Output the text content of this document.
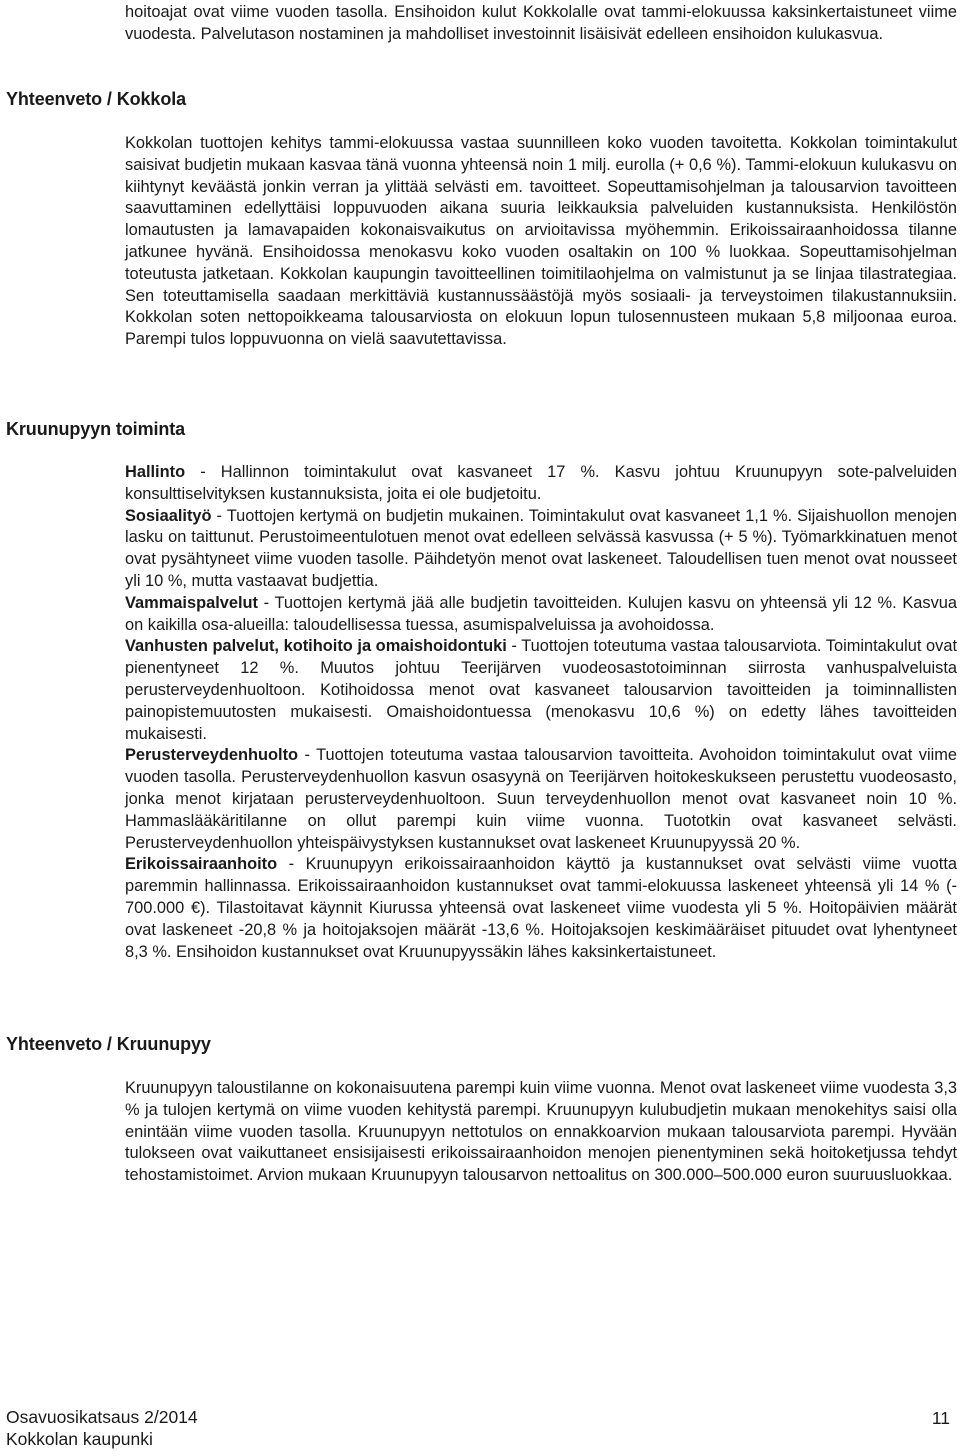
hoitoajat ovat viime vuoden tasolla. Ensihoidon kulut Kokkolalle ovat tammi-elokuussa kaksinkertaistuneet viime vuodesta. Palvelutason nostaminen ja mahdolliset investoinnit lisäisivät edelleen ensihoidon kulukasvua.
Yhteenveto / Kokkola
Kokkolan tuottojen kehitys tammi-elokuussa vastaa suunnilleen koko vuoden tavoitetta. Kokkolan toimintakulut saisivat budjetin mukaan kasvaa tänä vuonna yhteensä noin 1 milj. eurolla (+ 0,6 %). Tammi-elokuun kulukasvu on kiihtynyt keväästä jonkin verran ja ylittää selvästi em. tavoitteet. Sopeuttamisohjelman ja talousarvion tavoitteen saavuttaminen edellyttäisi loppuvuoden aikana suuria leikkauksia palveluiden kustannuksista. Henkilöstön lomautusten ja lamavapaiden kokonaisvaikutus on arvioitavissa myöhemmin. Erikoissairaanhoidossa tilanne jatkunee hyvänä. Ensihoidossa menokasvu koko vuoden osaltakin on 100 % luokkaa. Sopeuttamisohjelman toteutusta jatketaan. Kokkolan kaupungin tavoitteellinen toimitilaohjelma on valmistunut ja se linjaa tilastrategiaa. Sen toteuttamisella saadaan merkittäviä kustannussäästöjä myös sosiaali- ja terveystoimen tilakustannuksiin. Kokkolan soten nettopoikkeama talousarviosta on elokuun lopun tulosennusteen mukaan 5,8 miljoonaa euroa. Parempi tulos loppuvuonna on vielä saavutettavissa.
Kruunupyyn toiminta
Hallinto - Hallinnon toimintakulut ovat kasvaneet 17 %. Kasvu johtuu Kruunupyyn sote-palveluiden konsulttiselvityksen kustannuksista, joita ei ole budjetoitu.
Sosiaalityö - Tuottojen kertymä on budjetin mukainen. Toimintakulut ovat kasvaneet 1,1 %. Sijaishuollon menojen lasku on taittunut. Perustoimeentulotuen menot ovat edelleen selvässä kasvussa (+ 5 %). Työmarkkinatuen menot ovat pysähtyneet viime vuoden tasolle. Päihdetyön menot ovat laskeneet. Taloudellisen tuen menot ovat nousseet yli 10 %, mutta vastaavat budjettia.
Vammaispalvelut - Tuottojen kertymä jää alle budjetin tavoitteiden. Kulujen kasvu on yhteensä yli 12 %. Kasvua on kaikilla osa-alueilla: taloudellisessa tuessa, asumispalveluissa ja avohoidossa.
Vanhusten palvelut, kotihoito ja omaishoidontuki - Tuottojen toteutuma vastaa talousarviota. Toimintakulut ovat pienentyneet 12 %. Muutos johtuu Teerijärven vuodeosastotoiminnan siirrosta vanhuspalveluista perusterveydenhuoltoon. Kotihoidossa menot ovat kasvaneet talousarvion tavoitteiden ja toiminnallisten painopistemuutosten mukaisesti. Omaishoidontuessa (menokasvu 10,6 %) on edetty lähes tavoitteiden mukaisesti.
Perusterveydenhuolto - Tuottojen toteutuma vastaa talousarvion tavoitteita. Avohoidon toimintakulut ovat viime vuoden tasolla. Perusterveydenhuollon kasvun osasyynä on Teerijärven hoitokeskukseen perustettu vuodeosasto, jonka menot kirjataan perusterveydenhuoltoon. Suun terveydenhuollon menot ovat kasvaneet noin 10 %. Hammaslääkäritilanne on ollut parempi kuin viime vuonna. Tuototkin ovat kasvaneet selvästi. Perusterveydenhuollon yhteispäivystyksen kustannukset ovat laskeneet Kruunupyyssä 20 %.
Erikoissairaanhoito - Kruunupyyn erikoissairaanhoidon käyttö ja kustannukset ovat selvästi viime vuotta paremmin hallinnassa. Erikoissairaanhoidon kustannukset ovat tammi-elokuussa laskeneet yhteensä yli 14 % (- 700.000 €). Tilastoitavat käynnit Kiurussa yhteensä ovat laskeneet viime vuodesta yli 5 %. Hoitopäivien määrät ovat laskeneet -20,8 % ja hoitojaksojen määrät -13,6 %. Hoitojaksojen keskimääräiset pituudet ovat lyhentyneet 8,3 %. Ensihoidon kustannukset ovat Kruunupyyssäkin lähes kaksinkertaistuneet.
Yhteenveto / Kruunupyy
Kruunupyyn taloustilanne on kokonaisuutena parempi kuin viime vuonna. Menot ovat laskeneet viime vuodesta 3,3 % ja tulojen kertymä on viime vuoden kehitystä parempi. Kruunupyyn kulubudjetin mukaan menokehitys saisi olla enintään viime vuoden tasolla. Kruunupyyn nettotulos on ennakkoarvion mukaan talousarviota parempi. Hyvään tulokseen ovat vaikuttaneet ensisijaisesti erikoissairaanhoidon menojen pienentyminen sekä hoitoketjussa tehdyt tehostamistoimet. Arvion mukaan Kruunupyyn talousarvon nettoalitus on 300.000–500.000 euron suuruusluokkaa.
Osavuosikatsaus 2/2014
Kokkolan kaupunki
11
